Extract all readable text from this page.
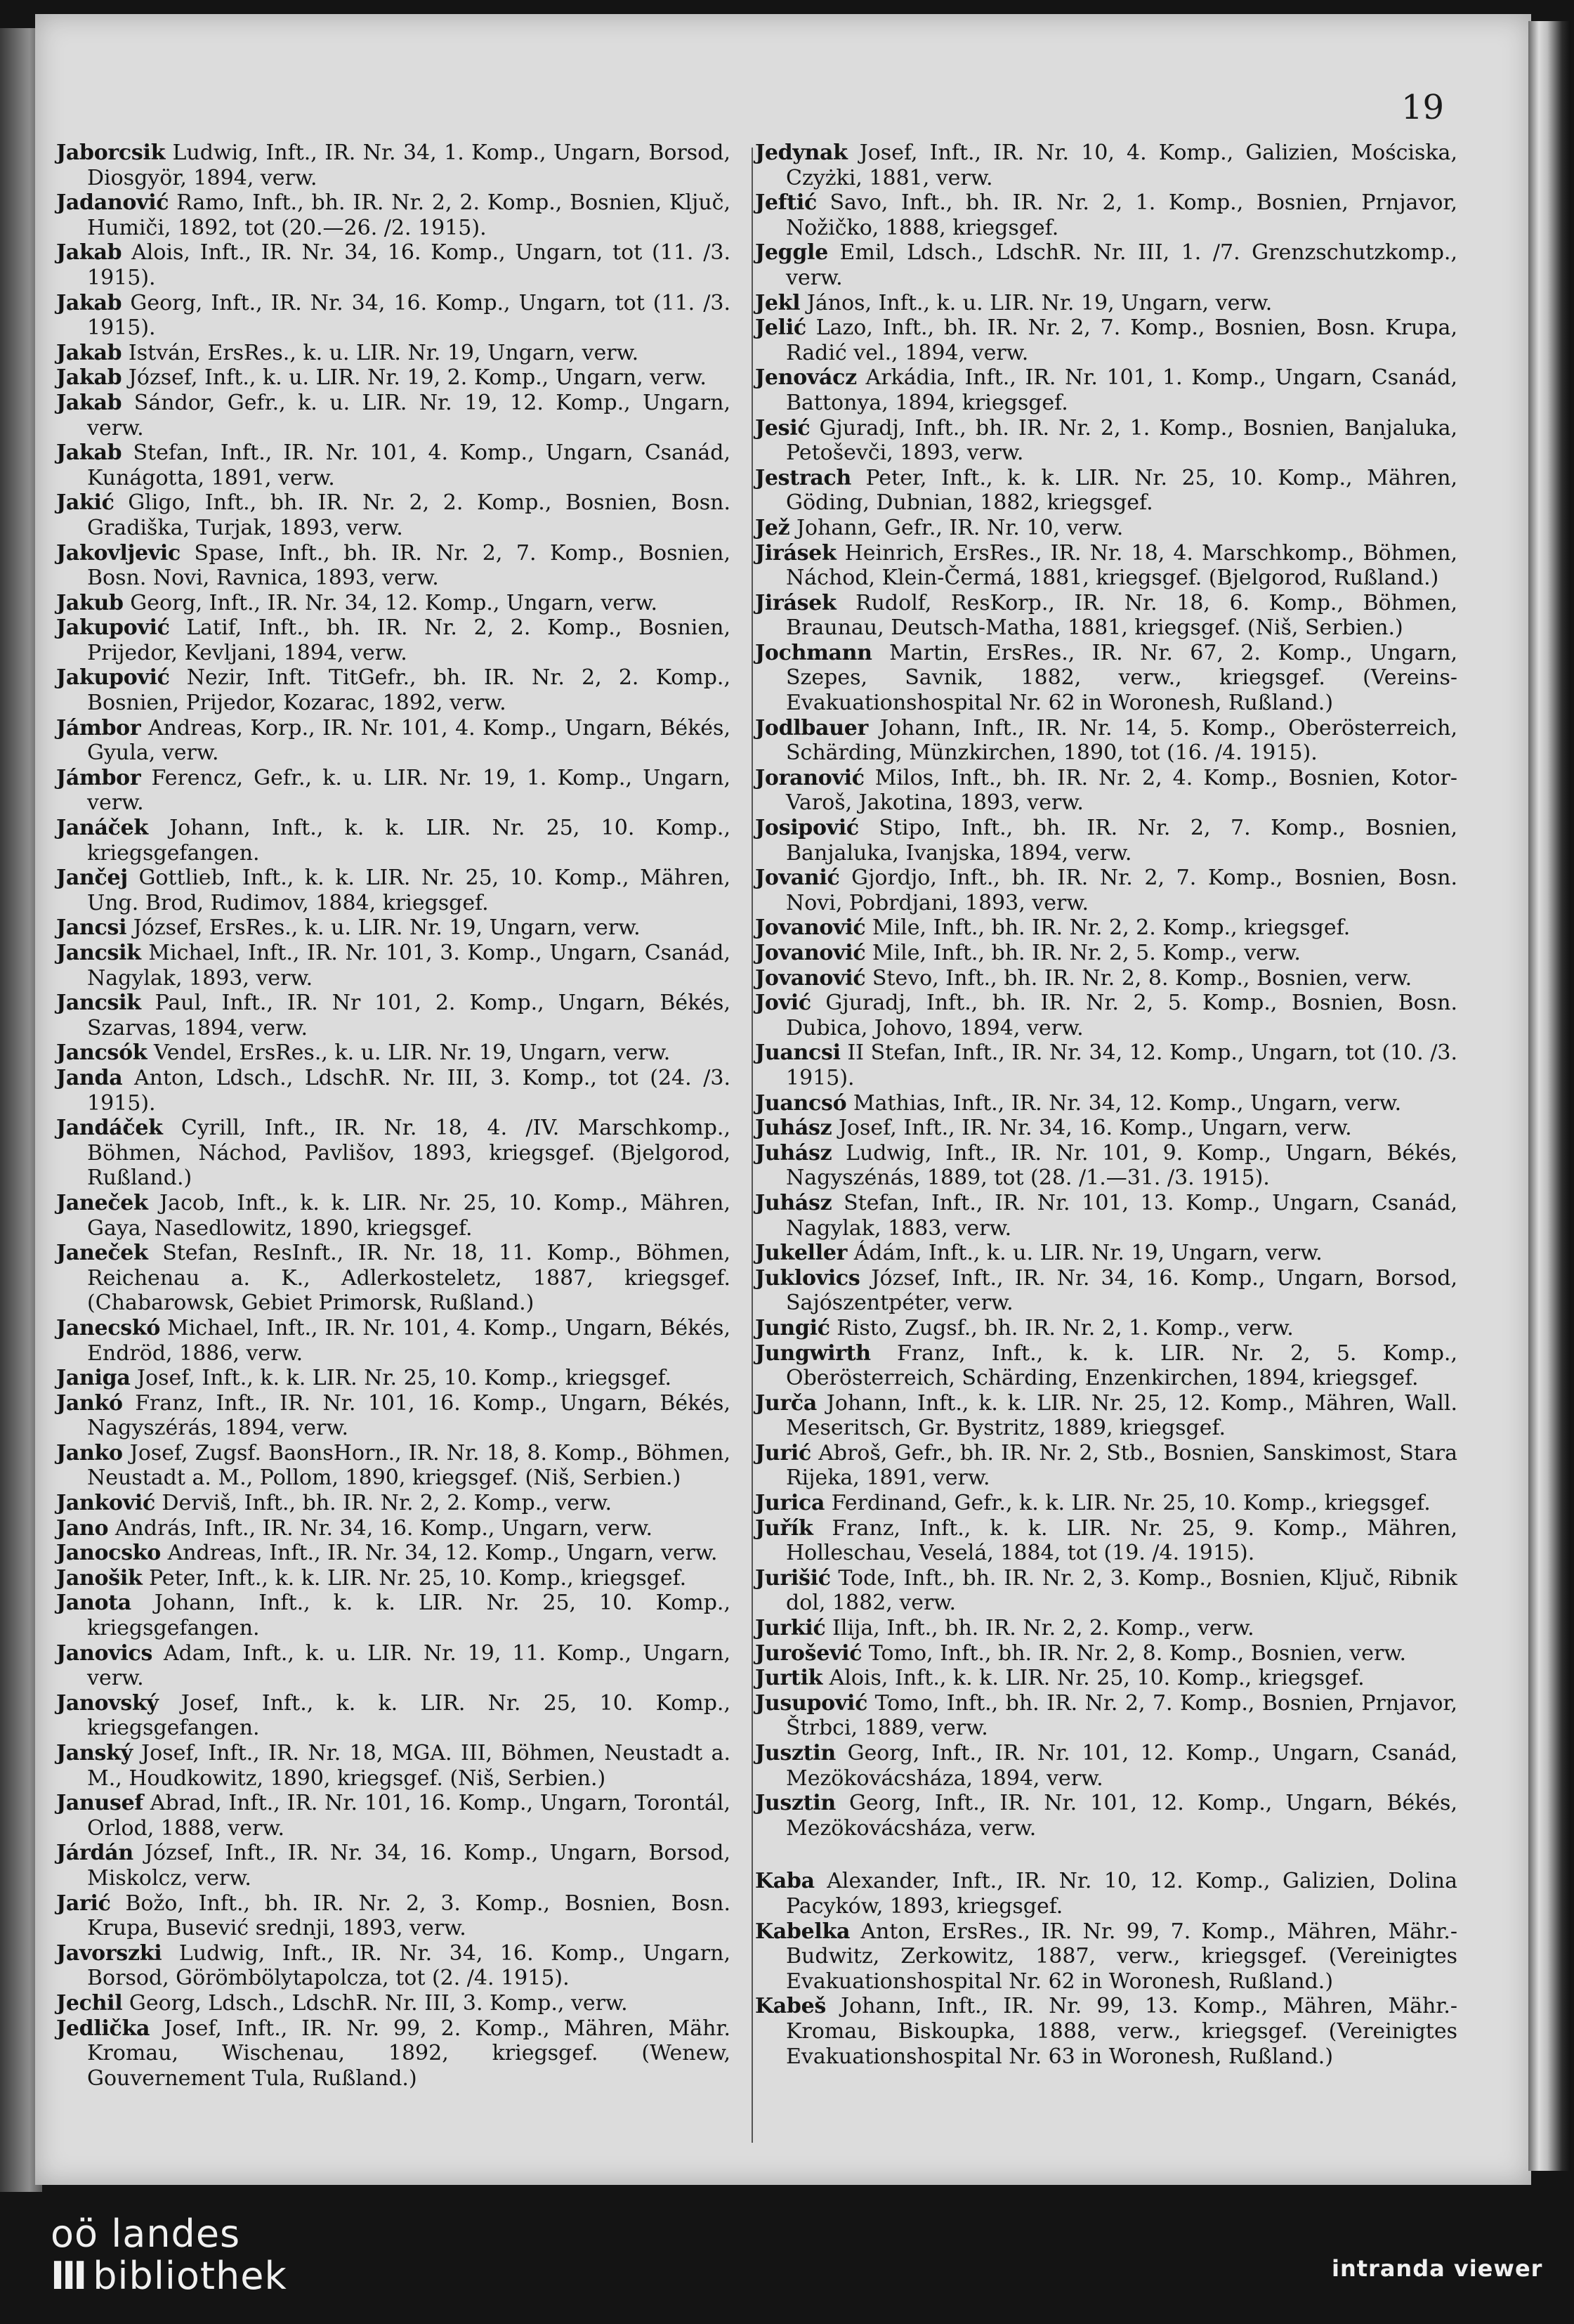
19
Jaborcsik Ludwig, Inft., IR. Nr. 34, 1. Komp., Ungarn, Borsod, Diosgyör, 1894, verw.
Jadanović Ramo, Inft., bh. IR. Nr. 2, 2. Komp., Bosnien, Ključ, Humiči, 1892, tot (20.—26. /2. 1915).
Jakab Alois, Inft., IR. Nr. 34, 16. Komp., Ungarn, tot (11. /3. 1915).
Jakab Georg, Inft., IR. Nr. 34, 16. Komp., Ungarn, tot (11. /3. 1915).
Jakab István, ErsRes., k. u. LIR. Nr. 19, Ungarn, verw.
Jakab József, Inft., k. u. LIR. Nr. 19, 2. Komp., Ungarn, verw.
Jakab Sándor, Gefr., k. u. LIR. Nr. 19, 12. Komp., Ungarn, verw.
Jakab Stefan, Inft., IR. Nr. 101, 4. Komp., Ungarn, Csanád, Kunágotta, 1891, verw.
Jakić Gligo, Inft., bh. IR. Nr. 2, 2. Komp., Bosnien, Bosn. Gradiška, Turjak, 1893, verw.
Jakovljevic Spase, Inft., bh. IR. Nr. 2, 7. Komp., Bosnien, Bosn. Novi, Ravnica, 1893, verw.
Jakub Georg, Inft., IR. Nr. 34, 12. Komp., Ungarn, verw.
Jakupović Latif, Inft., bh. IR. Nr. 2, 2. Komp., Bosnien, Prijedor, Kevljani, 1894, verw.
Jakupović Nezir, Inft. TitGefr., bh. IR. Nr. 2, 2. Komp., Bosnien, Prijedor, Kozarac, 1892, verw.
Jámbor Andreas, Korp., IR. Nr. 101, 4. Komp., Ungarn, Békés, Gyula, verw.
Jámbor Ferencz, Gefr., k. u. LIR. Nr. 19, 1. Komp., Ungarn, verw.
Janáček Johann, Inft., k. k. LIR. Nr. 25, 10. Komp., kriegsgefangen.
Jančej Gottlieb, Inft., k. k. LIR. Nr. 25, 10. Komp., Mähren, Ung. Brod, Rudimov, 1884, kriegsgef.
Jancsi József, ErsRes., k. u. LIR. Nr. 19, Ungarn, verw.
Jancsik Michael, Inft., IR. Nr. 101, 3. Komp., Ungarn, Csanád, Nagylak, 1893, verw.
Jancsik Paul, Inft., IR. Nr 101, 2. Komp., Ungarn, Békés, Szarvas, 1894, verw.
Jancsók Vendel, ErsRes., k. u. LIR. Nr. 19, Ungarn, verw.
Janda Anton, Ldsch., LdschR. Nr. III, 3. Komp., tot (24. /3. 1915).
Jandáček Cyrill, Inft., IR. Nr. 18, 4. /IV. Marschkomp., Böhmen, Náchod, Pavlišov, 1893, kriegsgef. (Bjelgorod, Rußland.)
Janeček Jacob, Inft., k. k. LIR. Nr. 25, 10. Komp., Mähren, Gaya, Nasedlowitz, 1890, kriegsgef.
Janeček Stefan, ResInft., IR. Nr. 18, 11. Komp., Böhmen, Reichenau a. K., Adlerkosteletz, 1887, kriegsgef. (Chabarowsk, Gebiet Primorsk, Rußland.)
Janecskó Michael, Inft., IR. Nr. 101, 4. Komp., Ungarn, Békés, Endröd, 1886, verw.
Janiga Josef, Inft., k. k. LIR. Nr. 25, 10. Komp., kriegsgef.
Jankó Franz, Inft., IR. Nr. 101, 16. Komp., Ungarn, Békés, Nagyszérás, 1894, verw.
Janko Josef, Zugsf. BaonsHorn., IR. Nr. 18, 8. Komp., Böhmen, Neustadt a. M., Pollom, 1890, kriegsgef. (Niš, Serbien.)
Janković Derviš, Inft., bh. IR. Nr. 2, 2. Komp., verw.
Jano András, Inft., IR. Nr. 34, 16. Komp., Ungarn, verw.
Janocsko Andreas, Inft., IR. Nr. 34, 12. Komp., Ungarn, verw.
Janošik Peter, Inft., k. k. LIR. Nr. 25, 10. Komp., kriegsgef.
Janota Johann, Inft., k. k. LIR. Nr. 25, 10. Komp., kriegsgefangen.
Janovics Adam, Inft., k. u. LIR. Nr. 19, 11. Komp., Ungarn, verw.
Janovský Josef, Inft., k. k. LIR. Nr. 25, 10. Komp., kriegsgefangen.
Janský Josef, Inft., IR. Nr. 18, MGA. III, Böhmen, Neustadt a. M., Houdkowitz, 1890, kriegsgef. (Niš, Serbien.)
Janusef Abrad, Inft., IR. Nr. 101, 16. Komp., Ungarn, Torontál, Orlod, 1888, verw.
Járdán József, Inft., IR. Nr. 34, 16. Komp., Ungarn, Borsod, Miskolcz, verw.
Jarić Božo, Inft., bh. IR. Nr. 2, 3. Komp., Bosnien, Bosn. Krupa, Busević srednji, 1893, verw.
Javorszki Ludwig, Inft., IR. Nr. 34, 16. Komp., Ungarn, Borsod, Görömbölytapolcza, tot (2. /4. 1915).
Jechil Georg, Ldsch., LdschR. Nr. III, 3. Komp., verw.
Jedlička Josef, Inft., IR. Nr. 99, 2. Komp., Mähren, Mähr. Kromau, Wischenau, 1892, kriegsgef. (Wenew, Gouvernement Tula, Rußland.)
Jedynak Josef, Inft., IR. Nr. 10, 4. Komp., Galizien, Mościska, Czyżki, 1881, verw.
Jeftić Savo, Inft., bh. IR. Nr. 2, 1. Komp., Bosnien, Prnjavor, Nožičko, 1888, kriegsgef.
Jeggle Emil, Ldsch., LdschR. Nr. III, 1. /7. Grenzschutzkomp., verw.
Jekl János, Inft., k. u. LIR. Nr. 19, Ungarn, verw.
Jelić Lazo, Inft., bh. IR. Nr. 2, 7. Komp., Bosnien, Bosn. Krupa, Radić vel., 1894, verw.
Jenovácz Arkádia, Inft., IR. Nr. 101, 1. Komp., Ungarn, Csanád, Battonya, 1894, kriegsgef.
Jesić Gjuradj, Inft., bh. IR. Nr. 2, 1. Komp., Bosnien, Banjaluka, Petoševči, 1893, verw.
Jestrach Peter, Inft., k. k. LIR. Nr. 25, 10. Komp., Mähren, Göding, Dubnian, 1882, kriegsgef.
Jež Johann, Gefr., IR. Nr. 10, verw.
Jirásek Heinrich, ErsRes., IR. Nr. 18, 4. Marschkomp., Böhmen, Náchod, Klein-Čermá, 1881, kriegsgef. (Bjelgorod, Rußland.)
Jirásek Rudolf, ResKorp., IR. Nr. 18, 6. Komp., Böhmen, Braunau, Deutsch-Matha, 1881, kriegsgef. (Niš, Serbien.)
Jochmann Martin, ErsRes., IR. Nr. 67, 2. Komp., Ungarn, Szepes, Savnik, 1882, verw., kriegsgef. (Vereins-Evakuationshospital Nr. 62 in Woronesh, Rußland.)
Jodlbauer Johann, Inft., IR. Nr. 14, 5. Komp., Oberösterreich, Schärding, Münzkirchen, 1890, tot (16. /4. 1915).
Joranović Milos, Inft., bh. IR. Nr. 2, 4. Komp., Bosnien, Kotor-Varoš, Jakotina, 1893, verw.
Josipović Stipo, Inft., bh. IR. Nr. 2, 7. Komp., Bosnien, Banjaluka, Ivanjska, 1894, verw.
Jovanić Gjordjo, Inft., bh. IR. Nr. 2, 7. Komp., Bosnien, Bosn. Novi, Pobrdjani, 1893, verw.
Jovanović Mile, Inft., bh. IR. Nr. 2, 2. Komp., kriegsgef.
Jovanović Mile, Inft., bh. IR. Nr. 2, 5. Komp., verw.
Jovanović Stevo, Inft., bh. IR. Nr. 2, 8. Komp., Bosnien, verw.
Jović Gjuradj, Inft., bh. IR. Nr. 2, 5. Komp., Bosnien, Bosn. Dubica, Johovo, 1894, verw.
Juancsi II Stefan, Inft., IR. Nr. 34, 12. Komp., Ungarn, tot (10. /3. 1915).
Juancsó Mathias, Inft., IR. Nr. 34, 12. Komp., Ungarn, verw.
Juhász Josef, Inft., IR. Nr. 34, 16. Komp., Ungarn, verw.
Juhász Ludwig, Inft., IR. Nr. 101, 9. Komp., Ungarn, Békés, Nagyszénás, 1889, tot (28. /1.—31. /3. 1915).
Juhász Stefan, Inft., IR. Nr. 101, 13. Komp., Ungarn, Csanád, Nagylak, 1883, verw.
Jukeller Ádám, Inft., k. u. LIR. Nr. 19, Ungarn, verw.
Juklovics József, Inft., IR. Nr. 34, 16. Komp., Ungarn, Borsod, Sajószentpéter, verw.
Jungić Risto, Zugsf., bh. IR. Nr. 2, 1. Komp., verw.
Jungwirth Franz, Inft., k. k. LIR. Nr. 2, 5. Komp., Oberösterreich, Schärding, Enzenkirchen, 1894, kriegsgef.
Jurča Johann, Inft., k. k. LIR. Nr. 25, 12. Komp., Mähren, Wall. Meseritsch, Gr. Bystritz, 1889, kriegsgef.
Jurić Abroš, Gefr., bh. IR. Nr. 2, Stb., Bosnien, Sanskimost, Stara Rijeka, 1891, verw.
Jurica Ferdinand, Gefr., k. k. LIR. Nr. 25, 10. Komp., kriegsgef.
Juřík Franz, Inft., k. k. LIR. Nr. 25, 9. Komp., Mähren, Holleschau, Veselá, 1884, tot (19. /4. 1915).
Jurišić Tode, Inft., bh. IR. Nr. 2, 3. Komp., Bosnien, Ključ, Ribnik dol, 1882, verw.
Jurkić Ilija, Inft., bh. IR. Nr. 2, 2. Komp., verw.
Jurošević Tomo, Inft., bh. IR. Nr. 2, 8. Komp., Bosnien, verw.
Jurtik Alois, Inft., k. k. LIR. Nr. 25, 10. Komp., kriegsgef.
Jusupović Tomo, Inft., bh. IR. Nr. 2, 7. Komp., Bosnien, Prnjavor, Štrbci, 1889, verw.
Jusztin Georg, Inft., IR. Nr. 101, 12. Komp., Ungarn, Csanád, Mezökovácsháza, 1894, verw.
Jusztin Georg, Inft., IR. Nr. 101, 12. Komp., Ungarn, Békés, Mezökovácsháza, verw.
Kaba Alexander, Inft., IR. Nr. 10, 12. Komp., Galizien, Dolina Pacyków, 1893, kriegsgef.
Kabelka Anton, ErsRes., IR. Nr. 99, 7. Komp., Mähren, Mähr.-Budwitz, Zerkowitz, 1887, verw., kriegsgef. (Vereinigtes Evakuationshospital Nr. 62 in Woronesh, Rußland.)
Kabeš Johann, Inft., IR. Nr. 99, 13. Komp., Mähren, Mähr.-Kromau, Biskoupka, 1888, verw., kriegsgef. (Vereinigtes Evakuationshospital Nr. 63 in Woronesh, Rußland.)
oö landes
III bibliothek	intranda viewer
